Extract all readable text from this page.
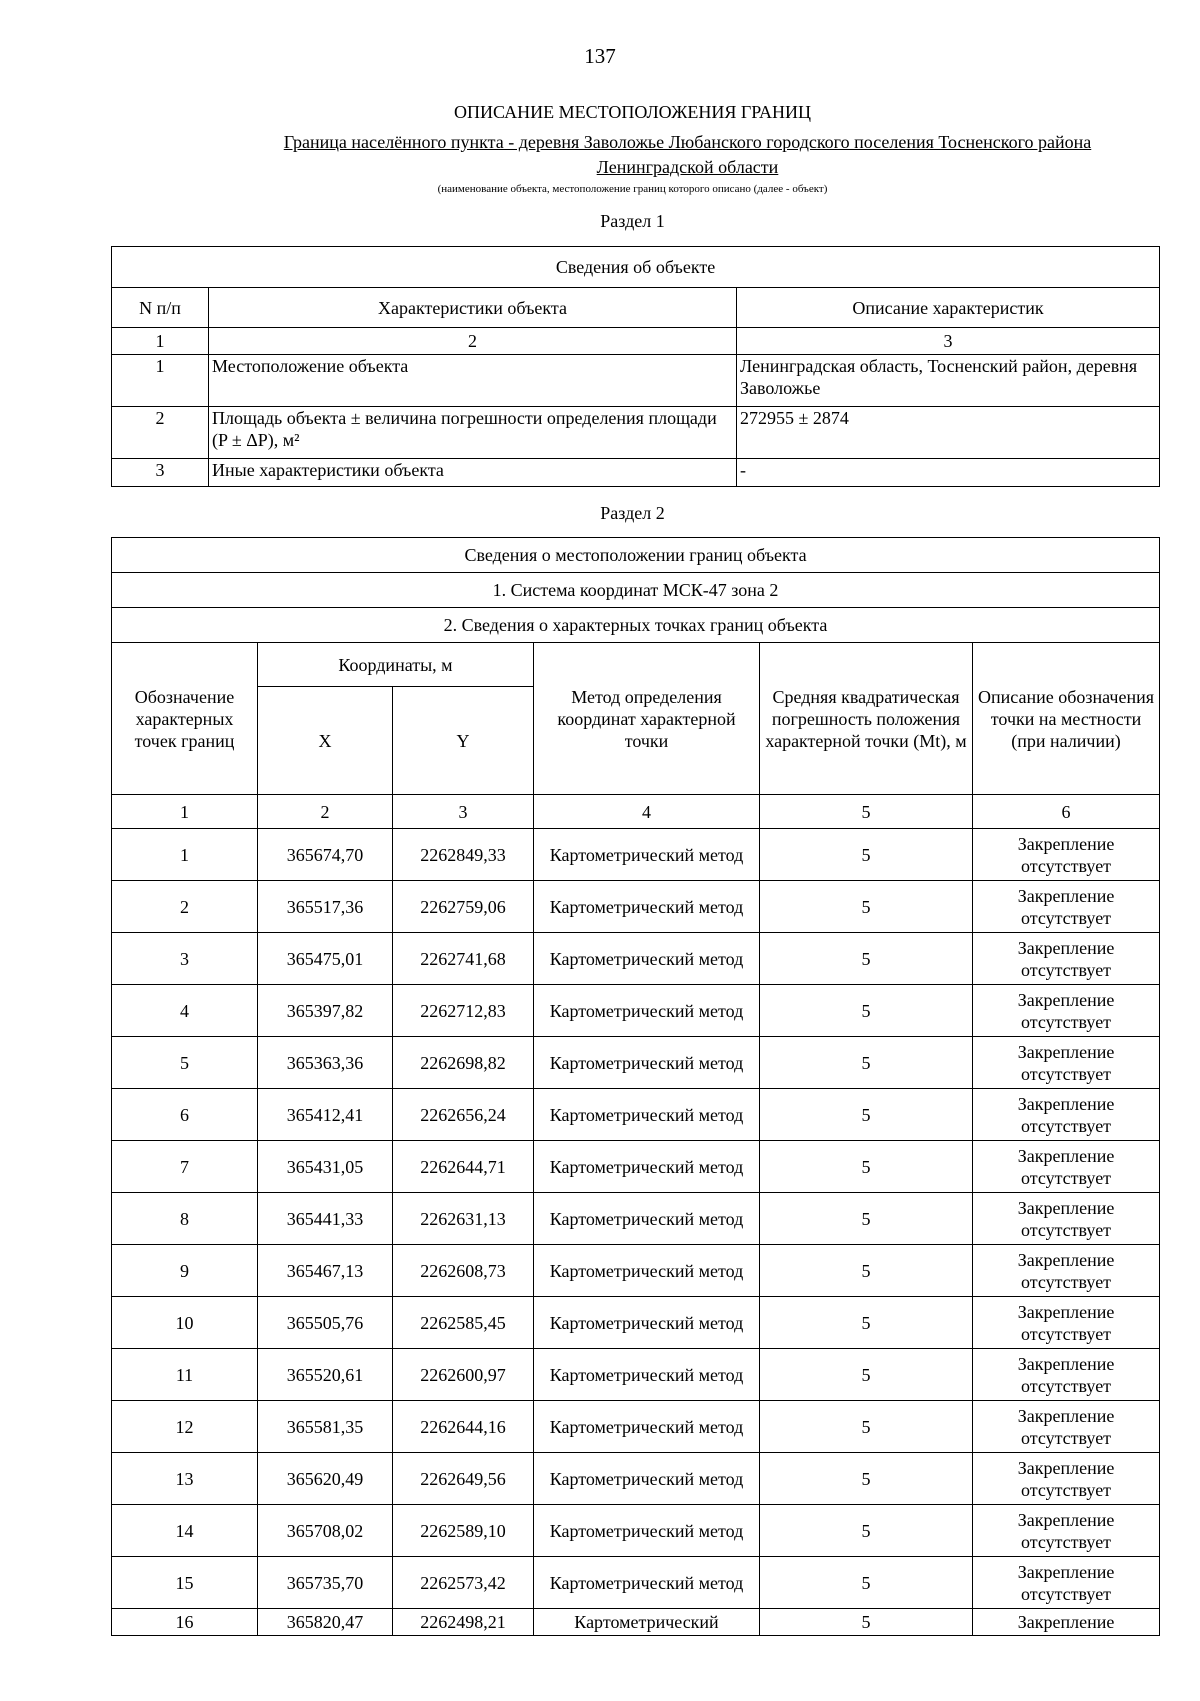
137
ОПИСАНИЕ МЕСТОПОЛОЖЕНИЯ ГРАНИЦ
Граница населённого пункта - деревня Заволожье Любанского городского поселения Тосненского района
Ленинградской области
(наименование объекта, местоположение границ которого описано (далее - объект)
Раздел 1
Сведения об объекте		
N п/п	Характеристики объекта	Описание характеристик
1	2	3
1	Местоположение объекта	Ленинградская область, Тосненский район, деревня Заволожье
2	Площадь объекта ± величина погрешности определения площади (P ± ΔP), м²	272955 ± 2874
3	Иные характеристики объекта	-
Раздел 2
Сведения о местоположении границ объекта					
1. Система координат МСК-47 зона 2					
2. Сведения о характерных точках границ объекта					
Обозначение характерных точек границ	Координаты, м		Метод определения координат характерной точки	Средняя квадратическая погрешность положения характерной точки (Mt), м	Описание обозначения точки на местности (при наличии)
	X	Y			
1	2	3	4	5	6
1	365674,70	2262849,33	Картометрический метод	5	Закрепление отсутствует
2	365517,36	2262759,06	Картометрический метод	5	Закрепление отсутствует
3	365475,01	2262741,68	Картометрический метод	5	Закрепление отсутствует
4	365397,82	2262712,83	Картометрический метод	5	Закрепление отсутствует
5	365363,36	2262698,82	Картометрический метод	5	Закрепление отсутствует
6	365412,41	2262656,24	Картометрический метод	5	Закрепление отсутствует
7	365431,05	2262644,71	Картометрический метод	5	Закрепление отсутствует
8	365441,33	2262631,13	Картометрический метод	5	Закрепление отсутствует
9	365467,13	2262608,73	Картометрический метод	5	Закрепление отсутствует
10	365505,76	2262585,45	Картометрический метод	5	Закрепление отсутствует
11	365520,61	2262600,97	Картометрический метод	5	Закрепление отсутствует
12	365581,35	2262644,16	Картометрический метод	5	Закрепление отсутствует
13	365620,49	2262649,56	Картометрический метод	5	Закрепление отсутствует
14	365708,02	2262589,10	Картометрический метод	5	Закрепление отсутствует
15	365735,70	2262573,42	Картометрический метод	5	Закрепление отсутствует
16	365820,47	2262498,21	Картометрический	5	Закрепление
